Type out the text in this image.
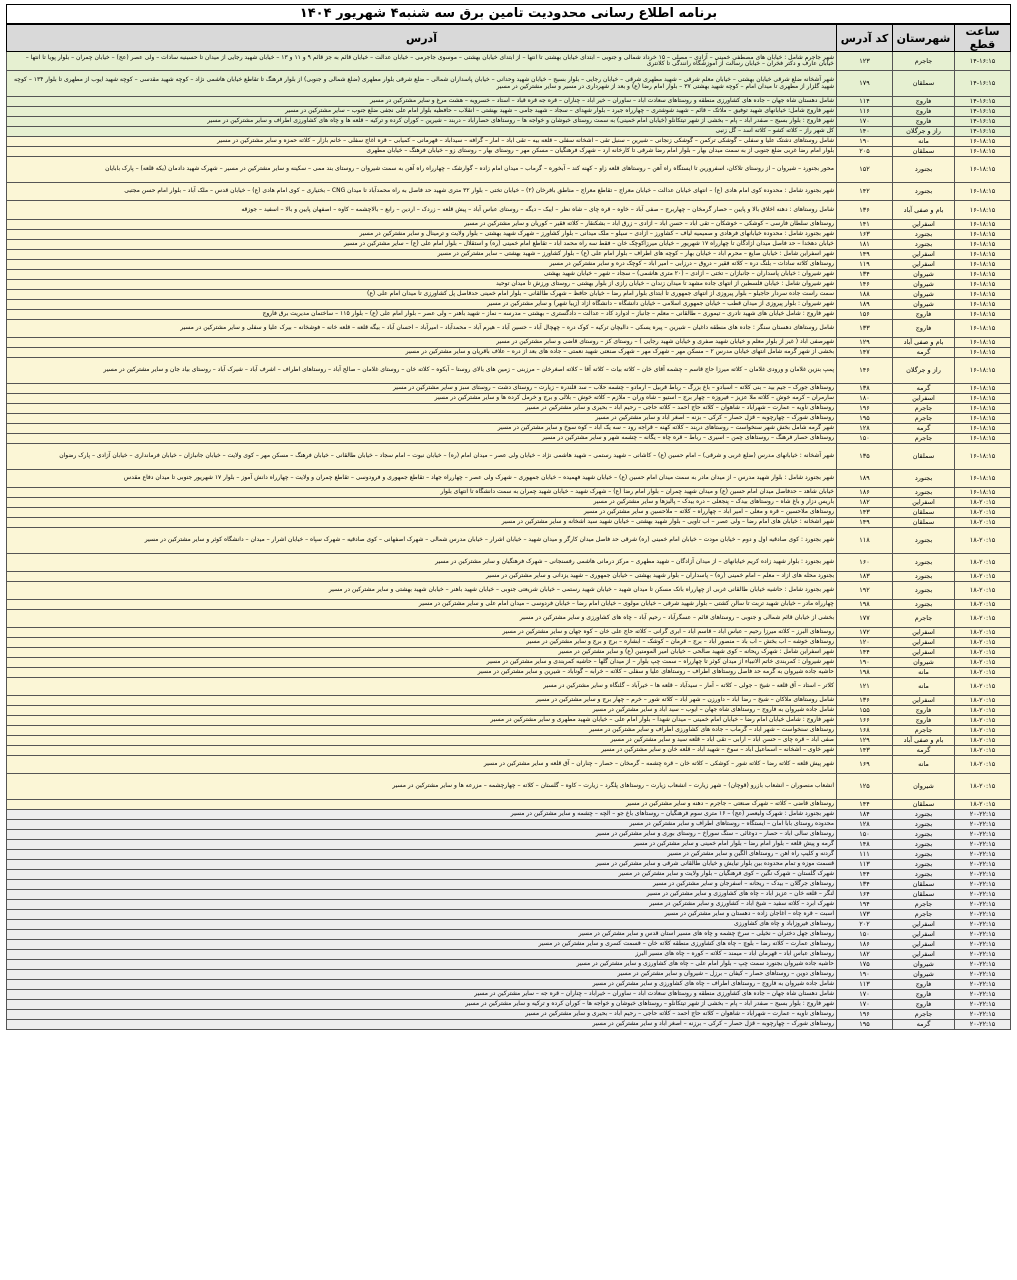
برنامه اطلاع رسانی محدودیت تامین برق سه شنبه۴ شهریور ۱۴۰۴
ساعت قطع	شهرستان	کد آدرس	آدرس
۱۴-۱۶:۱۵	جاجرم	۱۲۳	شهر جاجرم شامل : خیابان های مصطفی خمینی – آزادی – مصلی – ۱۵ خرداد شمالی و جنوبی – ابتدای خیابان بهشتی تا انتها – از ابتدای خیابان بهشتی – موسوی جاجرمی – خیابان عدالت – خیابان قائم به جز قائم ۹ و ۱۱ و ۱۳ – خیابان شهید رجایی از میدان تا حسینیه سادات – ولی عصر (عج) – خیابان چمران – بلوار پویا تا انتها – خیابان عارف و دکتر فخران – خیابان رسالت از آموزشگاه رانندگی تا کلانتری
۱۴-۱۶:۱۵	سملقان	۱۷۹	شهر آشخانه ضلع شرقی خیابان بهشتی – خیابان معلم شرقی – شهید مطهری شرقی – خیابان رجایی – بلوار بسیج – خیابان شهید وحدانی – خیابان پاسداران شمالی – ضلع شرقی بلوار مطهری (ضلع شمالی و جنوبی) از بلوار فرهنگ تا تقاطع خیابان هاشمی نژاد – کوچه شهید مقدسی – کوچه شهید ایوب از مطهری تا بلوار ۱۳۴ – کوچه شهید گلزار از مطهری تا میدان امام – کوچه شهید بهشتی ۳۷ – بلوار امام رضا (ع) و بعد از شهرداری در مسیر و سایر مشترکین در مسیر
۱۴-۱۶:۱۵	فاروج	۱۱۴	شامل دهستان شاه جهان – جاده های کشاورزی منطقه و روستاهای سعادت آباد – ساوران – خیر آباد – چناران – قره جه قره قباد – استاد – خسرویه – هشت مرغ و سایر مشترکین در مسیر
۱۴-۱۶:۱۵	فاروج	۱۱۶	شهر فاروج شامل: خیابانهای شهید توفیق – ملاتک – قائم – شهید شوشتری – چهارراه جیرد – بلوار شهدای – سجاد – شهید جامی – شهید بهشتی – انقلاب – حافظیه بلوار امام علی نجفی ضلع جنوب – سایر مشترکین در مسیر
۱۴-۱۶:۱۵	فاروج	۱۷۰	شهر فاروج : بلوار بسیج – صفدر آباد – پام – بخشی از شهر تیتکانلو (خیابان امام خمینی) به سمت روستای خبوشان و خواجه ها – روستاهای حصارآباد – دربند – شیرین – کوران کرده و ترکیه – قلعه ها و چاه های کشاورزی اطراف و سایر مشترکین در مسیر
۱۴-۱۶:۱۵	راز و جرگلان	۱۴۰	کل شهر راز – کلاته کشو – کلاته اسد – گل زنبی
۱۶-۱۸:۱۵	مانه	۱۹۰	شامل روستاهای دشتک علیا و سفلی – گوشکی ترکمن – گوشکی زنجانی – شیرین – سنبل تقی – آشخانه سفلی – قلعه بیه – تقی آباد – آمار – گرافه – سیدآباد – قهرمانی – کمیابی – قره آغاج سفلی – خانم بازار – کلاته حمزه و سایر مشترکین در مسیر
۱۶-۱۸:۱۵	سملقان	۲۰۵	بلوار امام رضا غربی ضلع جنوبی از به سمت میدان بهار – بلوار امام رضا شرقی تا کارخانه آرد – شهرک فرهنگیان – مسکن مهر – روستای بهار – روستای زو – خیابان فرهنگ – خیابان مطهری
۱۶-۱۸:۱۵	بجنورد	۱۵۲	محور بجنورد – شیروان – از روستای تلاکان، اسفرورین تا ایستگاه راه آهن – روستاهای قلعه زاو – کهنه کند – آبخوره – گرماب – میدان امام زاده – گوارشک – چهارراه راه آهن به سمت شیروان – روستای بند ممی – سکینه و سایر مشترکین در مسیر – شهرک شهید دادمان (یکه قلعه) – پارک بابایان
۱۶-۱۸:۱۵	بجنورد	۱۴۲	شهر بجنورد شامل : محدوده کوی امام هادی (ع) – انتهای خیابان عدالت – خیابان معراج – تقاطع معراج – مناطق بافرخان (۲) – خیابان تختی – بلوار ۳۲ متری شهید حد فاصل به راه محمدآباد تا میدان CNG – بختیاری – کوی امام هادی (ع) – خیابان قدس – ملک آباد – بلوار امام حسن مجتبی
۱۶-۱۸:۱۵	بام و صفی آباد	۱۳۶	شامل روستاهای : دهنه اخلاق بالا و پایین – حصار گرمخان – چهاربرج – صفی آباد – خاوه – قره چای – شاه نظر – ایبک – دیگه – روستای عباس آباد – پیش قلعه – زردک – اردین – رابع – بالاچشمه – کاوه – اصفهان پایین و بالا – اسفید – جوزقه
۱۶-۱۸:۱۵	اسفراین	۱۴۱	روستاهای سلطان فارسی – کوشکی – خوشکان – تقی آباد – حسن آباد – آزادی – زرق آباد – بشکنقار – کلاته فقیر – کوریان و سایر مشترکین در مسیر
۱۶-۱۸:۱۵	بجنورد	۱۶۳	شهر بجنورد شامل : محدوده خیابانهای فرهادی و صمیمیه لیاف – کشاورز – آزادی – سیلو – ملک میدانی – بلوار کشاورز – شهرک شهید بهشتی – بلوار ولایت و ترمینال و سایر مشترکین در مسیر
۱۶-۱۸:۱۵	بجنورد	۱۸۱	خیابان دهخدا – حد فاصل میدان آزادگان تا چهارراه ۱۷ شهریور – خیابان میرزاکوچک خان – فقط سه راه محمد آباد – تقاطع امام خمینی (ره) و استقلال – بلوار امام علی (ع) – سایر مشترکین در مسیر
۱۶-۱۸:۱۵	اسفراین	۱۴۹	شهر اسفراین شامل : خیابان صایع – محرم اباد – خیابان بهار – کوچه های اطراف – بلوار امام علی (ع) – بلوار کشاورز – شهید بهشتی – سایر مشترکین در مسیر
۱۶-۱۸:۱۵	اسفراین	۱۱۹	روستاهای کلاته سادات – بلنگ دره – کلاته فقیر – دروق – درزآبی – امیر آباد – کوچک دره و سایر مشترکین در مسیر
۱۶-۱۸:۱۵	شیروان	۱۳۴	شهر شیروان : خیابان پاسداران – جانبازان – تختی – آزادی – (۲۰ متری هاشمی) – سجاد – شهر – خیابان شهید بهشتی
۱۶-۱۸:۱۵	شیروان	۱۴۶	شهر شیروان شامل : خیابان فلسطین از انتهای جاده مشهد تا میدان زندان – خیابان رازی از بلوار بهشتی – روستای ورزش تا میدان توحید
۱۶-۱۸:۱۵	شیروان	۱۸۸	سمت راست جاده سردار حاجیلو – بلوار پیروزی از انتهای جمهوری تا ابتدای بلوار امام رضا – خیابان حافظ – شهرک طالقانی – بلوار امام خمینی حدفاصل پل کشاورزی تا میدان امام علی (ع)
۱۶-۱۸:۱۵	شیروان	۱۸۹	شهر شیروان : بلوار پیروزی از میدان قطب – خیابان جمهوری اسلامی – خیابان دانشگاه – دانشگاه آزاد (زیبا شهر) و سایر مشترکین در مسیر
۱۶-۱۸:۱۵	فاروج	۱۵۶	شهر فاروج : شامل خیابان های شهید نادری – تیموری – طالقانی – معلم – جانباز – ادوارد کاد – عدالت – دادگستری – بهشتی – مدرسه – نماز – شهید باهنر – ولی عصر – بلوار امام علی (ع) – بلوار ۱۱۵ – ساختمان مدیریت برق فاروج
۱۶-۱۸:۱۵	فاروج	۱۳۳	شامل روستاهای دهستان سنگر : جاده های منطقه داغیان – شیرین – پیره یسکی – دالیچان ترکیه – کوک دره – چهچال آباد – حسین آباد – هیرم آباد – محمدآباد – امیرآباد – احسان آباد – بیگه قلعه – قلعه خانه – فوشخانه – بیرک علیا و سفلی و سایر مشترکین در مسیر
۱۶-۱۸:۱۵	بام و صفی آباد	۱۲۹	شهرصفی آباد ( غیر از بلوار معلم و خیابان شهید صفری و خیابان شهید رجایی ) – روستای کز – روستای قاضی و سایر مشترکین در مسیر
۱۶-۱۸:۱۵	گرمه	۱۴۷	بخشی از شهر گرمه شامل انتهای خیابان مدرس ۲ – مسکن مهر – شهرک مهر – شهرک صنعتی شهید نعمتی – جاده های بعد از دره – علاف باقریان و سایر مشترکین در مسیر
۱۶-۱۸:۱۵	راز و جرگلان	۱۴۶	پمپ بنزین غلامان و ورودی غلامان – کلاته میرزا حاج قاسم – چشمه آقای خان – کلاته بیات – کلاته آقا – کلاته اصغرخان – مرزبنی – زمین های بالای روستا – آبکوه – کلاته خان – روستای غلامان – صالح آباد – روستاهای اطراف – اشرف آباد – شیرک آباد – روستای بیاد جان و سایر مشترکین در مسیر
۱۶-۱۸:۱۵	گرمه	۱۳۸	روستاهای جورک – جیم بید – بنی کلاته – اسبادو – باغ بزرگ – رباط قربیل – آرمادو – چشمه حلاب – سد قلندره – زیارت – روستای دشت – روستای سبز و سایر مشترکین در مسیر
۱۶-۱۸:۱۵	اسفراین	۱۸۰	سارمران – کرمه خوش – کلاته ملا عزیز – فیروزه – چهار برج – استیو – شاه وران – ملازم – کلاته خوش – بلالی و برج و خرمل کرده ها و سایر مشترکین در مسیر
۱۶-۱۸:۱۵	جاجرم	۱۹۶	روستاهای ناویه – عمارت – شهرآباد – شاهوان – کلاته حاج احمد – کلاته حاجی – رحیم آباد – بحیری و سایر مشترکین در مسیر
۱۶-۱۸:۱۵	جاجرم	۱۹۵	روستاهای شورک – چهارچوبه – قزل حصار – کرکی – بزنه – اصغر آباد و سایر مشترکین در مسیر
۱۶-۱۸:۱۵	گرمه	۱۲۸	شهر گرمه شامل بخش شهر سنخواست – روستاهای دربند – کلاته کهنه – قراجه رود – سه یک آباد – کوه سوخ و سایر مشترکین در مسیر
۱۶-۱۸:۱۵	جاجرم	۱۵۰	روستاهای حصار فرهنگ – روستاهای چمن – اسیری – رباط – قره چاه – یگانه – چشمه شهر و سایر مشترکین در مسیر
۱۶-۱۸:۱۵	سملقان	۱۳۵	شهر آشخانه : خیابانهای مدرس (ضلع غربی و شرقی) – امام حسین (ع) – کاشانی – شهید رستمی – شهید هاشمی نژاد – خیابان ولی عصر – میدان امام (ره) – خیابان نبوت – امام سجاد – خیابان طالقانی – خیابان فرهنگ – مسکن مهر – کوی ولایت – خیابان جانبازان – خیابان فرمانداری – خیابان آزادی – پارک رضوان
۱۶-۱۸:۱۵	بجنورد	۱۸۹	شهر بجنورد شامل : بلوار شهید مدرس – از میدان مادر به سمت میدان امام حسین (ع) – خیابان شهید فهمیده – خیابان جمهوری – شهرک ولی عصر – چهارراه جهاد – تقاطع جمهوری و فرودوسی – تقاطع چمران و ولایت – چهارراه دانش آموز – بلوار ۱۷ شهریور جنوبی تا میدان دفاع مقدس
۱۶-۱۸:۱۵	بجنورد	۱۸۶	خیابان شاهد – حدفاصل میدان امام حسین (ع) و میدان شهید چمران – بلوار امام رضا (ع) – شهرک شهید – خیابان شهید چمران به سمت دانشگاه تا انتهای بلوار
۱۸-۲۰:۱۵	اسفراین	۱۸۲	باریس دزار و باغ شاه – روستاهای بیدک – پنجعلی – دره بیدک – پالیزها و سایر مشترکین در مسیر
۱۸-۲۰:۱۵	سملقان	۱۴۳	روستاهای ملاحسین – قره و معلی – امیر آباد – چهارراه – کلاته – ملاحسین و سایر مشترکین در مسیر
۱۸-۲۰:۱۵	سملقان	۱۴۹	شهر آشخانه : خیابان های امام رضا – ولی عصر – آب تاویی – بلوار شهید بهشتی – خیابان شهید سید آشخانه و سایر مشترکین در مسیر
۱۸-۲۰:۱۵	بجنورد	۱۱۸	شهر بجنورد : کوی صادقیه اول و دوم – خیابان مودت – خیابان امام خمینی (ره) شرقی حد فاصل میدان کارگر و میدان شهید – خیابان اشرار – خیابان مدرس شمالی – شهرک اصفهانی – کوی صادقیه – شهرک سپاه – خیابان اشرار – میدان – دانشگاه کوثر و سایر مشترکین در مسیر
۱۸-۲۰:۱۵	بجنورد	۱۶۰	شهر بجنورد : بلوار شهید زاده کریم خیابانهای – از میدان آزادگان – شهید مطهری – مرکز درمانی هاشمی رفسنجانی – شهرک فرهنگیان و سایر مشترکین در مسیر
۱۸-۲۰:۱۵	بجنورد	۱۸۳	بجنورد محله های آزاد – معلم – امام خمینی (ره) – پاسداران – بلوار شهید بهشتی – خیابان جمهوری – شهید یزدانی و سایر مشترکین در مسیر
۱۸-۲۰:۱۵	بجنورد	۱۹۲	شهر بجنورد شامل : حاشیه خیابان طالقانی غربی از چهارراه بانک مسکن تا میدان شهید – خیابان شهید رستمی – خیابان شریعتی جنوبی – خیابان شهید باهنر – خیابان شهید بهشتی و سایر مشترکین در مسیر
۱۸-۲۰:۱۵	بجنورد	۱۹۸	چهارراه مادر – خیابان شهید تربت تا سالن کشتی – بلوار شهید شرقی – خیابان مولوی – خیابان امام رضا – خیابان فردوسی – میدان امام علی و سایر مشترکین در مسیر
۱۸-۲۰:۱۵	جاجرم	۱۷۷	بخشی از خیابان قائم شمالی و جنوبی – روستاهای قائم – عسگرآباد – رحیم آباد – چاه های کشاورزی و سایر مشترکین در مسیر
۱۸-۲۰:۱۵	اسفراین	۱۷۲	روستاهای البرز – کلاته میرزا رحیم – عباس آباد – قاسم آباد – ابری گرانی – کلاته حاج علی خان – کوه جهان و سایر مشترکین در مسیر
۱۸-۲۰:۱۵	اسفراین	۱۲۰	روستاهای خوشه – آب بخش – آب باد – منصور آباد – برج – قرمان – کوشک – ابشاره – برج و برج و سایر مشترکین در مسیر
۱۸-۲۰:۱۵	اسفراین	۱۴۴	شهر اسفراین شامل : شهرک ریحانه – کوی شهید صالحی – خیابان امیر المومنین (ع) و سایر مشترکین در مسیر
۱۸-۲۰:۱۵	شیروان	۱۹۰	شهر شیروان : کمربندی خاتم الانبیاء از میدان کوثر تا چهارراه – سمت چپ بلوار – از میدان گلها – حاشیه کمربندی و سایر مشترکین در مسیر
۱۸-۲۰:۱۵	مانه	۱۹۸	حاشیه جاده شیروان به گرمه حد فاصل روستاهای اطراف – روستاهای علیا و سفلی – کلاته – خرابه – گوناباد – شیرین و سایر مشترکین در مسیر
۱۸-۲۰:۱۵	مانه	۱۲۱	کلاتر – استاد – آق قلعه – شیخ – جولی – کلاته – آمار – سیدآباد – قلعه ها – خیرآباد – گلنگاه و سایر مشترکین در مسیر
۱۸-۲۰:۱۵	اسفراین	۱۳۶	شامل روستاهای ملاکان – شیخ – رضا آباد – داورزن – شهر آباد – کلاته شور – خرم – چهار برج و سایر مشترکین در مسیر
۱۸-۲۰:۱۵	فاروج	۱۵۵	شامل جاده شیروان به فاروج – روستاهای شاه جهان – ایوب – سید آباد و سایر مشترکین در مسیر
۱۸-۲۰:۱۵	فاروج	۱۶۶	شهر فاروج : شامل خیابان امام رضا – خیابان امام خمینی – میدان شهدا – بلوار امام علی – خیابان شهید مطهری و سایر مشترکین در مسیر
۱۸-۲۰:۱۵	جاجرم	۱۶۸	روستاهای سنخواست – شهر آباد – گرماب – جاده های کشاورزی اطراف و سایر مشترکین در مسیر
۱۸-۲۰:۱۵	بام و صفی آباد	۱۲۹	صفی آباد – قره چای – حسن آباد – ارابی – تقی آباد – قلعه سید و سایر مشترکین در مسیر
۱۸-۲۰:۱۵	گرمه	۱۴۳	شهر خاوی – آشخانه – اسماعیل آباد – سوخ – شهید آباد – قلعه خان و سایر مشترکین در مسیر
۱۸-۲۰:۱۵	مانه	۱۶۹	شهر پیش قلعه – کلاته رضا – کلاته شور – کوشکی – کلاته خان – قره چشمه – گرمخان – حصار – چناران – آق قلعه و سایر مشترکین در مسیر
۱۸-۲۰:۱۵	شیروان	۱۲۵	انشعاب منصوران – انشعاب بازرو (قوچان) – شهر زیارت – انشعاب زیارت – روستاهای پلگرد – زیارت – کاوه – گلستان – کلاته – چهارچشمه – مزرعه ها و سایر مشترکین در مسیر
۱۸-۲۰:۱۵	سملقان	۱۴۴	روستاهای قاضی – کلاته – شهرک صنعتی – جاجرم – دهنه و سایر مشترکین در مسیر
۲۰-۲۲:۱۵	بجنورد	۱۸۴	شهر بجنورد شامل : شهرک ولیعصر (عج) – ۱۶ متری سوم فرهنگیان – روستاهای باغ جو – آلچه – چشمه و سایر مشترکین در مسیر
۲۰-۲۲:۱۵	بجنورد	۱۲۸	محدوده روستای بابا آمان – ایستگاه – روستاهای اطراف و سایر مشترکین در مسیر
۲۰-۲۲:۱۵	بجنورد	۱۵۰	روستاهای سالی آباد – حصار – دوغائی – سنگ سوراخ – روستای بوری و سایر مشترکین در مسیر
۲۰-۲۲:۱۵	بجنورد	۱۴۸	گرمه و پیش قلعه – بلوار امام رضا – بلوار امام خمینی و سایر مشترکین در مسیر
۲۰-۲۲:۱۵	بجنورد	۱۱۱	گردنه و کلیپ راه آهن – روستاهای آلگین و سایر مشترکین در مسیر
۲۰-۲۲:۱۵	بجنورد	۱۱۳	قسمت موزه و تمام محدوده بین بلوار نیایش و خیابان طالقانی شرقی و سایر مشترکین در مسیر
۲۰-۲۲:۱۵	بجنورد	۱۴۴	شهرک گلستان – شهرک نگین – کوی فرهنگیان – بلوار ولایت و سایر مشترکین در مسیر
۲۰-۲۲:۱۵	سملقان	۱۳۴	روستاهای جرگلان – بیدک – ریحانه – اسفرجان و سایر مشترکین در مسیر
۲۰-۲۲:۱۵	سملقان	۱۶۴	لنگر – قلعه خان – عزیز آباد – چاه های کشاورزی و سایر مشترکین در مسیر
۲۰-۲۲:۱۵	جاجرم	۱۹۴	شهرک آبرد – کلاته سفید – شیخ آباد – کشاورزی و سایر مشترکین در مسیر
۲۰-۲۲:۱۵	جاجرم	۱۷۳	اسبت – قره چاه – آغاجان زاده – دهستان و سایر مشترکین در مسیر
۲۰-۲۲:۱۵	اسفراین	۲۰۲	روستاهای فیروزآباد و چاه های کشاورزی
۲۰-۲۲:۱۵	اسفراین	۱۵۰	روستاهای جهل دختران – نخیلی – سرخ چشمه و چاه های مسیر استان قدس و سایر مشترکین در مسیر
۲۰-۲۲:۱۵	اسفراین	۱۸۶	روستاهای عمارت – کلاته رضا – بلوچ – چاه های کشاورزی منطقه کلاته خان – قسمت کسری و سایر مشترکین در مسیر
۲۰-۲۲:۱۵	اسفراین	۱۸۲	روستاهای عباس آباد – قهرمان آباد – میمند – کلاته – کوره – چاه های مسیر البرز
۲۰-۲۲:۱۵	شیروان	۱۷۵	حاشیه جاده شیروان بجنورد سمت چپ – بلوار امام علی – چاه های کشاورزی و سایر مشترکین در مسیر
۲۰-۲۲:۱۵	شیروان	۱۹۰	روستاهای دوین – روستاهای حصار – کیفان – برزل – شیروان و سایر مشترکین در مسیر
۲۰-۲۲:۱۵	فاروج	۱۱۳	شامل جاده شیروان به فاروج – روستاهای اطراف – چاه های کشاورزی و سایر مشترکین در مسیر
۲۰-۲۲:۱۵	فاروج	۱۷۰	شامل دهستان شاه جهان – جاده های کشاورزی منطقه و روستاهای سعادت آباد – ساوران – خیرآباد – چناران – قره جه – سایر مشترکین در مسیر
۲۰-۲۲:۱۵	فاروج	۱۷۰	شهر فاروج : بلوار بسیج – صفدر آباد – پام – بخشی از شهر تیتکانلو – روستاهای خبوشان و خواجه ها – کوران کرده و ترکیه و سایر مشترکین در مسیر
۲۰-۲۲:۱۵	جاجرم	۱۹۶	روستاهای ناویه – عمارت – شهرآباد – شاهوان – کلاته حاج احمد – کلاته حاجی – رحیم آباد – بحیری و سایر مشترکین در مسیر
۲۰-۲۲:۱۵	گرمه	۱۹۵	روستاهای شورک – چهارچوبه – قزل حصار – کرکی – برزنه – اصغر آباد و سایر مشترکین در مسیر
